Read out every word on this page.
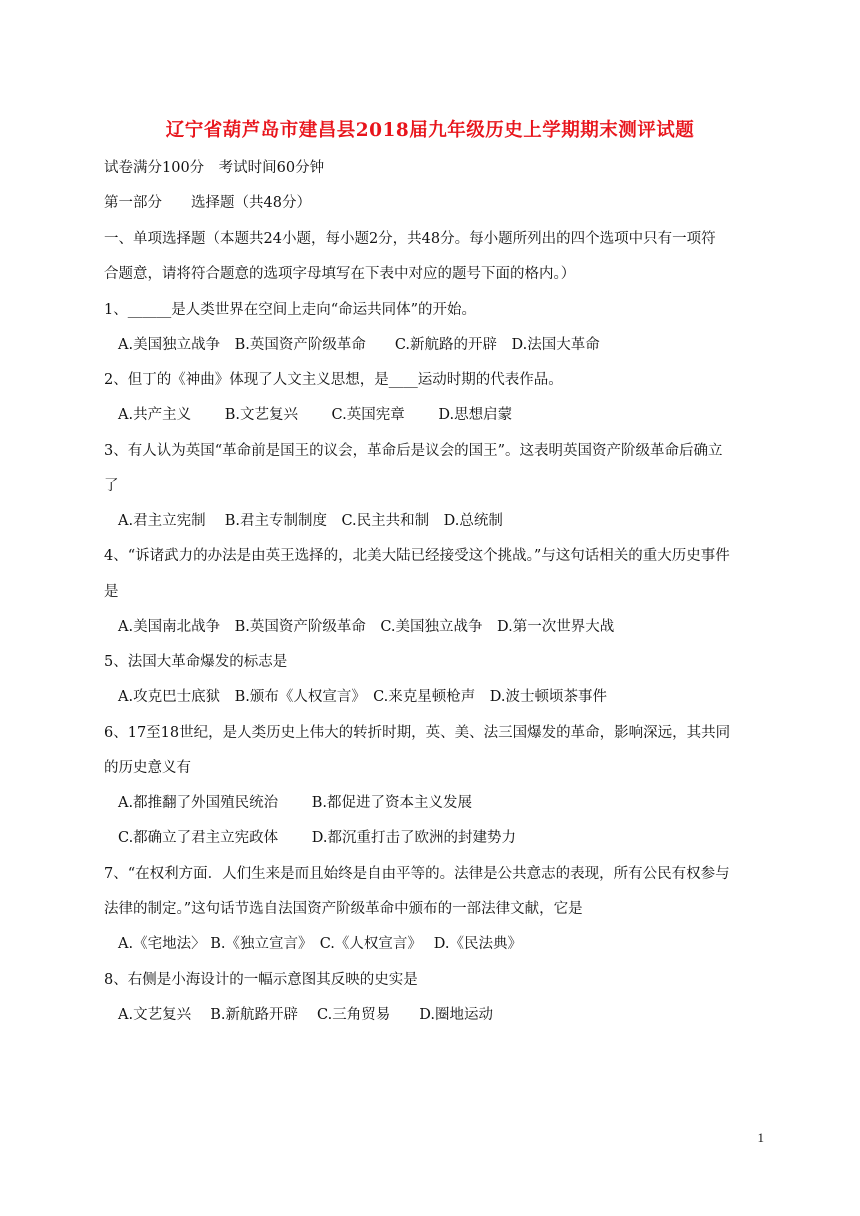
辽宁省葫芦岛市建昌县2018届九年级历史上学期期末测评试题
试卷满分100分　考试时间60分钟
第一部分　　选择题（共48分）
一、单项选择题（本题共24小题，每小题2分，共48分。每小题所列出的四个选项中只有一项符
合题意，请将符合题意的选项字母填写在下表中对应的题号下面的格内。）
1、______是人类世界在空间上走向“命运共同体”的开始。
A.美国独立战争　B.英国资产阶级革命　　C.新航路的开辟　D.法国大革命
2、但丁的《神曲》体现了人文主义思想，是____运动时期的代表作品。
A.共产主义　　 B.文艺复兴　　 C.英国宪章　　 D.思想启蒙
3、有人认为英国“革命前是国王的议会，革命后是议会的国王”。这表明英国资产阶级革命后确立
了
A.君主立宪制　 B.君主专制制度　C.民主共和制　D.总统制
4、“诉诸武力的办法是由英王选择的，北美大陆已经接受这个挑战。”与这句话相关的重大历史事件
是
A.美国南北战争　B.英国资产阶级革命　C.美国独立战争　D.第一次世界大战
5、法国大革命爆发的标志是
A.攻克巴士底狱　B.颁布《人权宣言》　C.来克星顿枪声　D.波士顿顷茶事件
6、17至18世纪，是人类历史上伟大的转折时期，英、美、法三国爆发的革命，影响深远，其共同
的历史意义有
A.都推翻了外国殖民统治　　 B.都促进了资本主义发展
C.都确立了君主立宪政体　　 D.都沉重打击了欧洲的封建势力
7、“在权利方面．人们生来是而且始终是自由平等的。法律是公共意志的表现，所有公民有权参与
法律的制定。”这句话节选自法国资产阶级革命中颁布的一部法律文献，它是
A.《宅地法〉 B.《独立宣言》　C.《人权宣言》　 D.《民法典》
8、右侧是小海设计的一幅示意图其反映的史实是
A.文艺复兴　 B.新航路开辟　 C.三角贸易　　D.圈地运动
1
